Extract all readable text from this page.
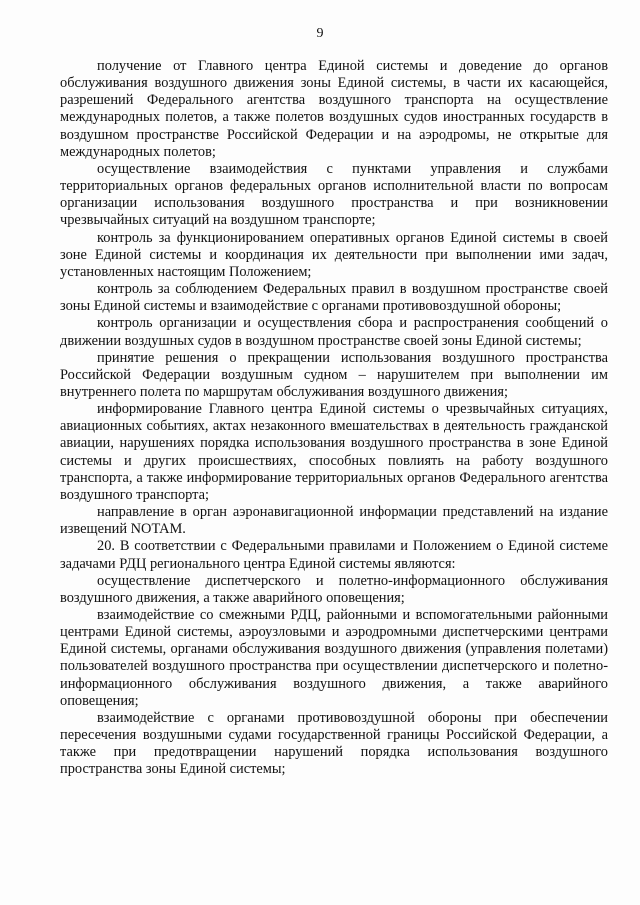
9

получение от Главного центра Единой системы и доведение до органов обслуживания воздушного движения зоны Единой системы, в части их касающейся, разрешений Федерального агентства воздушного транспорта на осуществление международных полетов, а также полетов воздушных судов иностранных государств в воздушном пространстве Российской Федерации и на аэродромы, не открытые для международных полетов;

осуществление взаимодействия с пунктами управления и службами территориальных органов федеральных органов исполнительной власти по вопросам организации использования воздушного пространства и при возникновении чрезвычайных ситуаций на воздушном транспорте;

контроль за функционированием оперативных органов Единой системы в своей зоне Единой системы и координация их деятельности при выполнении ими задач, установленных настоящим Положением;

контроль за соблюдением Федеральных правил в воздушном пространстве своей зоны Единой системы и взаимодействие с органами противовоздушной обороны;

контроль организации и осуществления сбора и распространения сообщений о движении воздушных судов в воздушном пространстве своей зоны Единой системы;

принятие решения о прекращении использования воздушного пространства Российской Федерации воздушным судном – нарушителем при выполнении им внутреннего полета по маршрутам обслуживания воздушного движения;

информирование Главного центра Единой системы о чрезвычайных ситуациях, авиационных событиях, актах незаконного вмешательствах в деятельность гражданской авиации, нарушениях порядка использования воздушного пространства в зоне Единой системы и других происшествиях, способных повлиять на работу воздушного транспорта, а также информирование территориальных органов Федерального агентства воздушного транспорта;

направление в орган аэронавигационной информации представлений на издание извещений NOTAM.

20. В соответствии с Федеральными правилами и Положением о Единой системе задачами РДЦ регионального центра Единой системы являются:

осуществление диспетчерского и полетно-информационного обслуживания воздушного движения, а также аварийного оповещения;

взаимодействие со смежными РДЦ, районными и вспомогательными районными центрами Единой системы, аэроузловыми и аэродромными диспетчерскими центрами Единой системы, органами обслуживания воздушного движения (управления полетами) пользователей воздушного пространства при осуществлении диспетчерского и полетно-информационного обслуживания воздушного движения, а также аварийного оповещения;

взаимодействие с органами противовоздушной обороны при обеспечении пересечения воздушными судами государственной границы Российской Федерации, а также при предотвращении нарушений порядка использования воздушного пространства зоны Единой системы;
